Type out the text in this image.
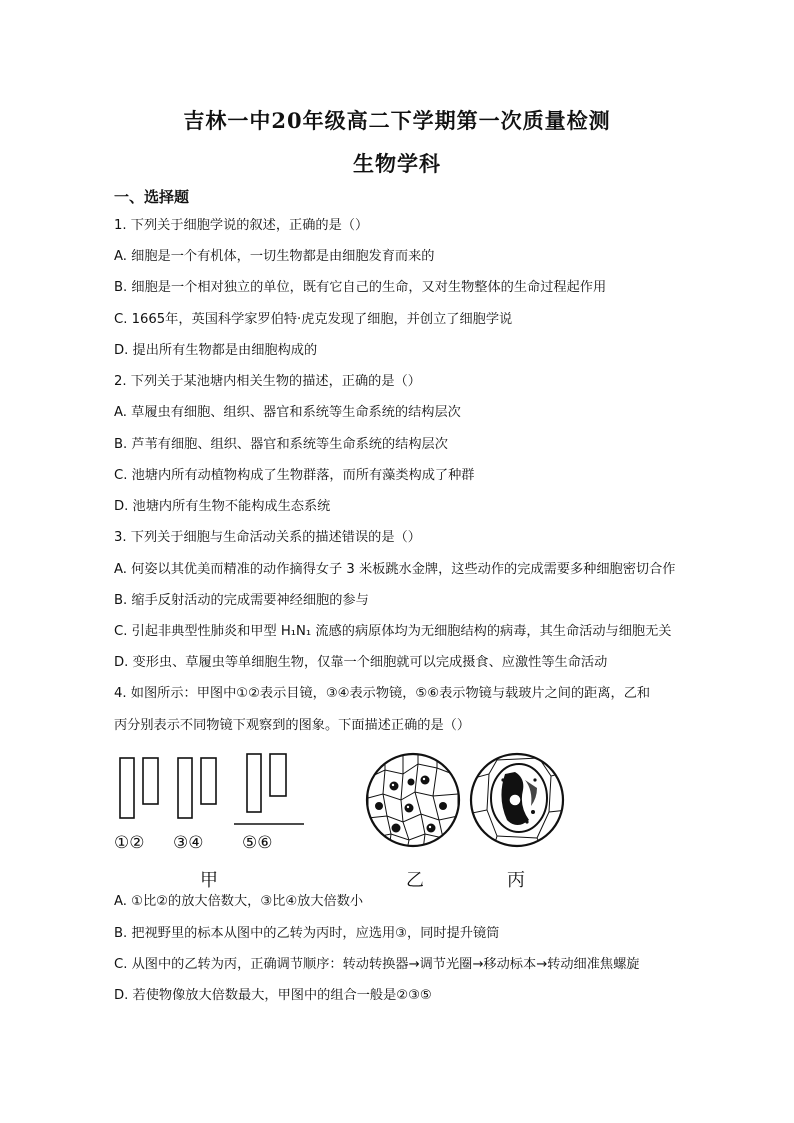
吉林一中20年级高二下学期第一次质量检测
生物学科
一、选择题
1. 下列关于细胞学说的叙述，正确的是（）
A. 细胞是一个有机体，一切生物都是由细胞发育而来的
B. 细胞是一个相对独立的单位，既有它自己的生命，又对生物整体的生命过程起作用
C. 1665年，英国科学家罗伯特·虎克发现了细胞，并创立了细胞学说
D. 提出所有生物都是由细胞构成的
2. 下列关于某池塘内相关生物的描述，正确的是（）
A. 草履虫有细胞、组织、器官和系统等生命系统的结构层次
B. 芦苇有细胞、组织、器官和系统等生命系统的结构层次
C. 池塘内所有动植物构成了生物群落，而所有藻类构成了种群
D. 池塘内所有生物不能构成生态系统
3. 下列关于细胞与生命活动关系的描述错误的是（）
A. 何姿以其优美而精准的动作摘得女子 3 米板跳水金牌，这些动作的完成需要多种细胞密切合作
B. 缩手反射活动的完成需要神经细胞的参与
C. 引起非典型性肺炎和甲型 H₁N₁ 流感的病原体均为无细胞结构的病毒，其生命活动与细胞无关
D. 变形虫、草履虫等单细胞生物，仅靠一个细胞就可以完成摄食、应激性等生命活动
4. 如图所示：甲图中①②表示目镜，③④表示物镜，⑤⑥表示物镜与载玻片之间的距离，乙和
丙分别表示不同物镜下观察到的图象。下面描述正确的是（）
①② ③④ ⑤⑥
甲	乙	丙
A. ①比②的放大倍数大，③比④放大倍数小
B. 把视野里的标本从图中的乙转为丙时，应选用③，同时提升镜筒
C. 从图中的乙转为丙，正确调节顺序：转动转换器→调节光圈→移动标本→转动细准焦螺旋
D. 若使物像放大倍数最大，甲图中的组合一般是②③⑤
